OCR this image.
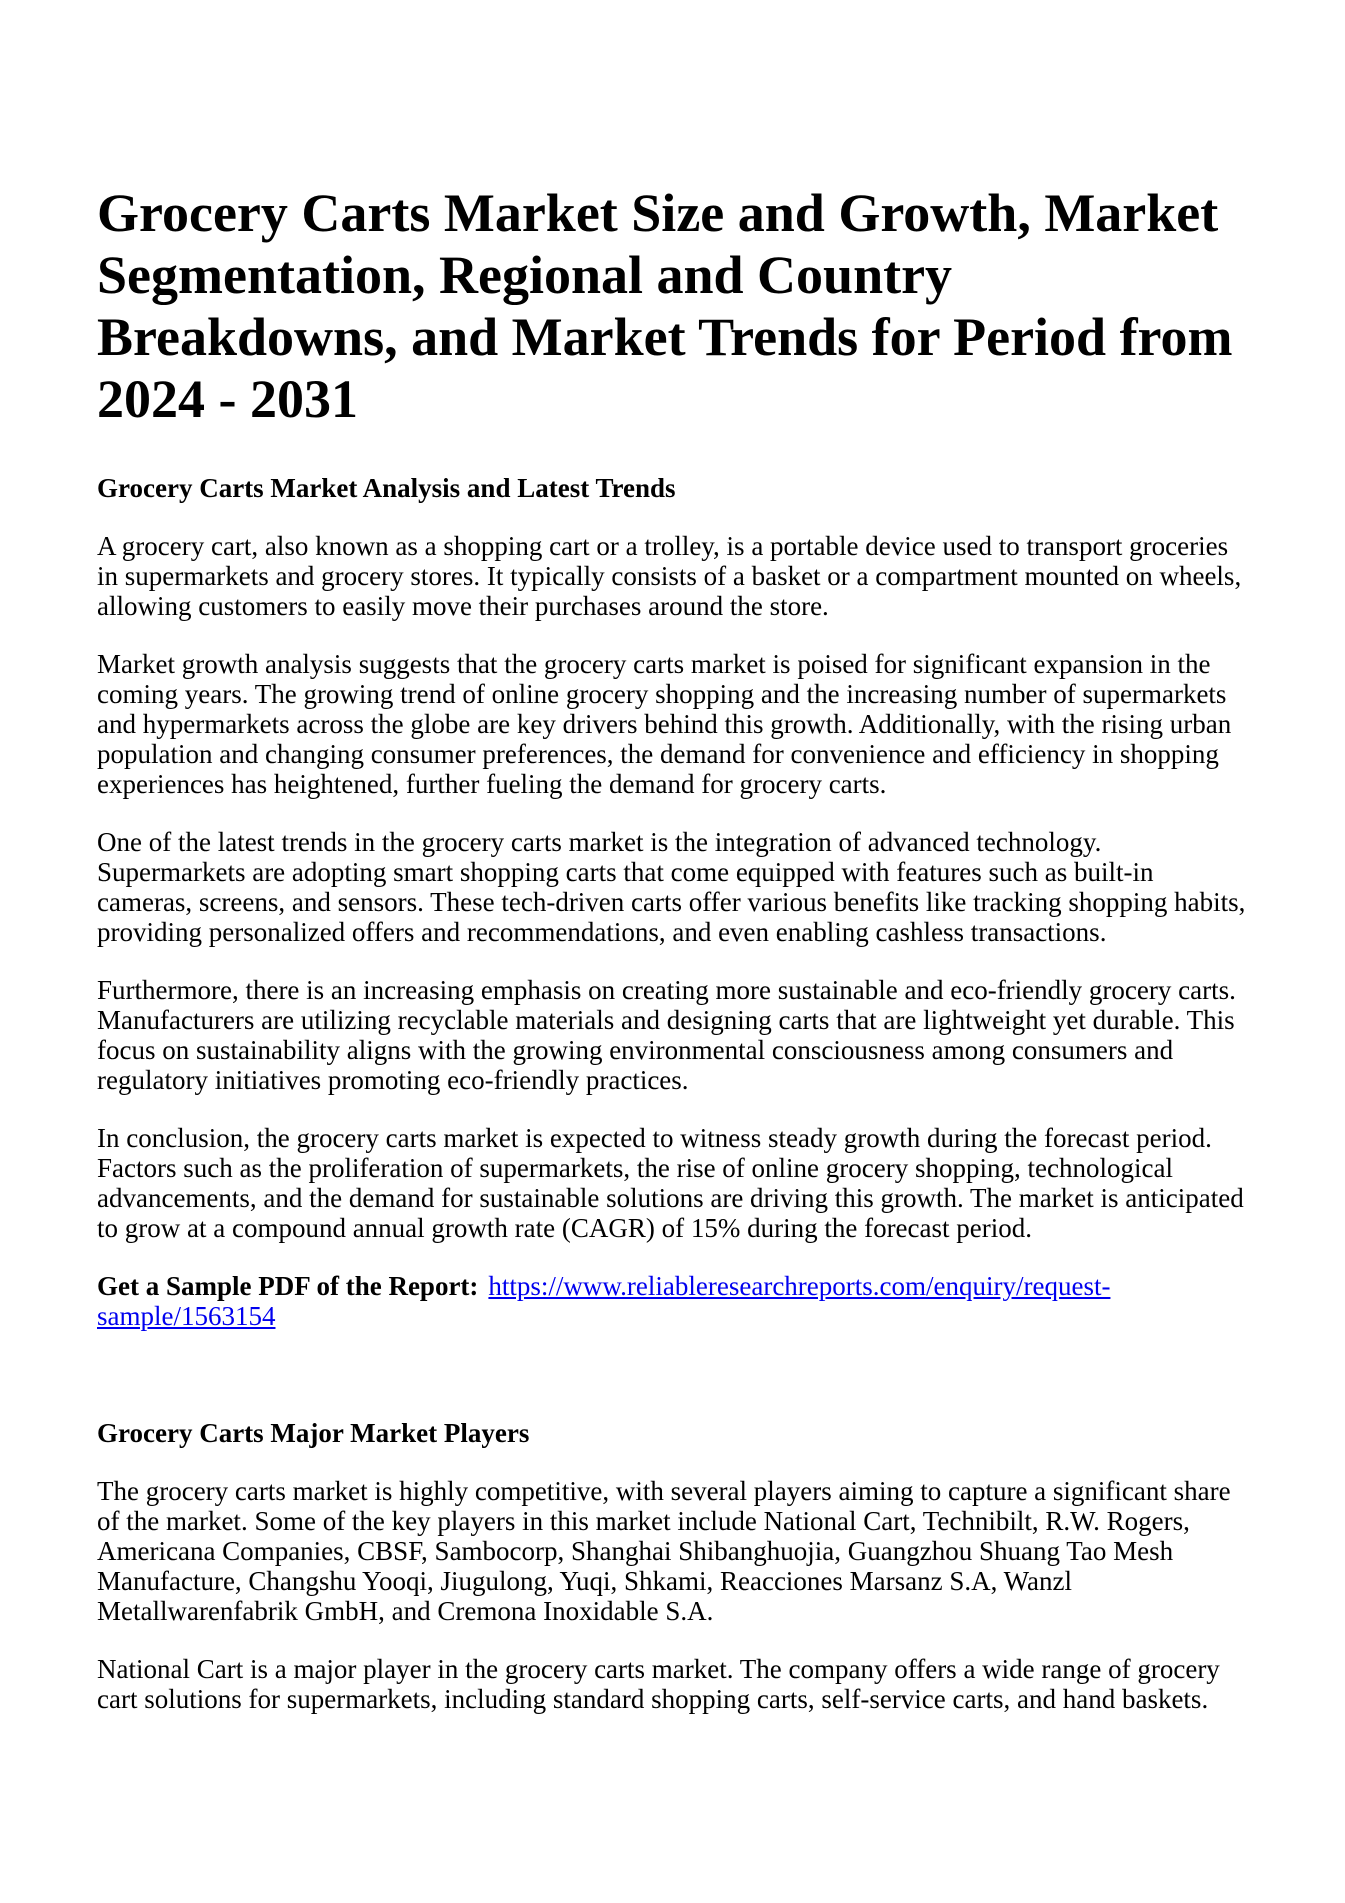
Grocery Carts Market Size and Growth, Market Segmentation, Regional and Country Breakdowns, and Market Trends for Period from 2024 - 2031
Grocery Carts Market Analysis and Latest Trends

A grocery cart, also known as a shopping cart or a trolley, is a portable device used to transport groceries in supermarkets and grocery stores. It typically consists of a basket or a compartment mounted on wheels, allowing customers to easily move their purchases around the store.

Market growth analysis suggests that the grocery carts market is poised for significant expansion in the coming years. The growing trend of online grocery shopping and the increasing number of supermarkets and hypermarkets across the globe are key drivers behind this growth. Additionally, with the rising urban population and changing consumer preferences, the demand for convenience and efficiency in shopping experiences has heightened, further fueling the demand for grocery carts.

One of the latest trends in the grocery carts market is the integration of advanced technology. Supermarkets are adopting smart shopping carts that come equipped with features such as built-in cameras, screens, and sensors. These tech-driven carts offer various benefits like tracking shopping habits, providing personalized offers and recommendations, and even enabling cashless transactions.

Furthermore, there is an increasing emphasis on creating more sustainable and eco-friendly grocery carts. Manufacturers are utilizing recyclable materials and designing carts that are lightweight yet durable. This focus on sustainability aligns with the growing environmental consciousness among consumers and regulatory initiatives promoting eco-friendly practices.

In conclusion, the grocery carts market is expected to witness steady growth during the forecast period. Factors such as the proliferation of supermarkets, the rise of online grocery shopping, technological advancements, and the demand for sustainable solutions are driving this growth. The market is anticipated to grow at a compound annual growth rate (CAGR) of 15% during the forecast period.

Get a Sample PDF of the Report: https://www.reliableresearchreports.com/enquiry/request-sample/1563154

Grocery Carts Major Market Players

The grocery carts market is highly competitive, with several players aiming to capture a significant share of the market. Some of the key players in this market include National Cart, Technibilt, R.W. Rogers, Americana Companies, CBSF, Sambocorp, Shanghai Shibanghuojia, Guangzhou Shuang Tao Mesh Manufacture, Changshu Yooqi, Jiugulong, Yuqi, Shkami, Reacciones Marsanz S.A, Wanzl Metallwarenfabrik GmbH, and Cremona Inoxidable S.A.

National Cart is a major player in the grocery carts market. The company offers a wide range of grocery cart solutions for supermarkets, including standard shopping carts, self-service carts, and hand baskets.
